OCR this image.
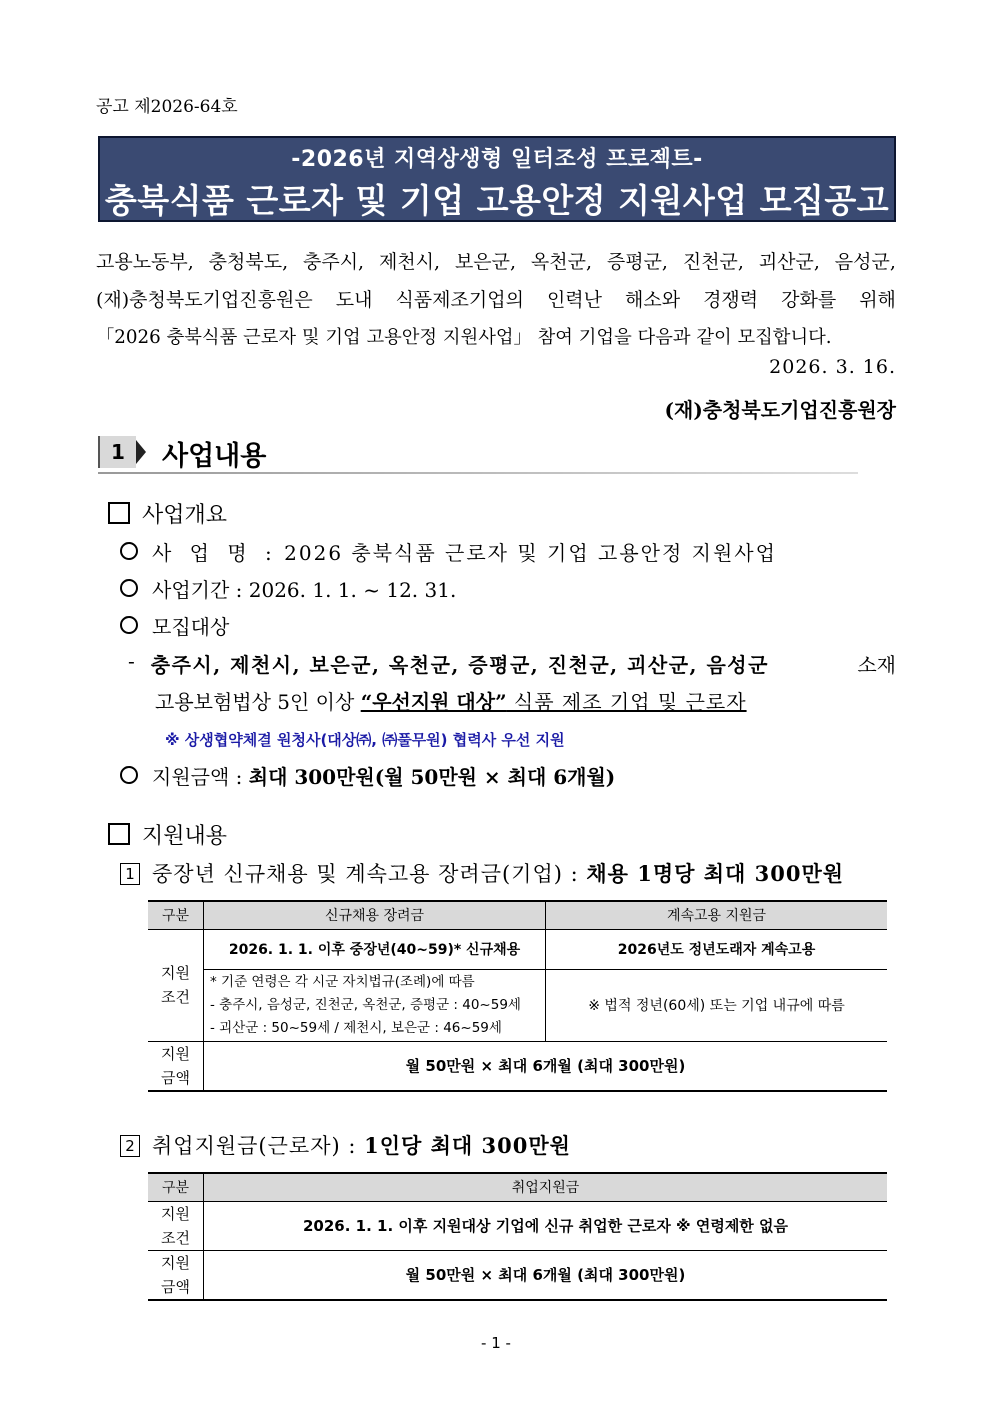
공고 제2026-64호
-2026년 지역상생형 일터조성 프로젝트-
충북식품 근로자 및 기업 고용안정 지원사업 모집공고
고용노동부, 충청북도, 충주시, 제천시, 보은군, 옥천군, 증평군, 진천군, 괴산군, 음성군,
(재)충청북도기업진흥원은 도내 식품제조기업의 인력난 해소와 경쟁력 강화를 위해
「2026 충북식품 근로자 및 기업 고용안정 지원사업」 참여 기업을 다음과 같이 모집합니다.
2026. 3. 16.
(재)충청북도기업진흥원장
1	사업내용
사업개요
사 업 명 : 2026 충북식품 근로자 및 기업 고용안정 지원사업
사업기간 : 2026. 1. 1. ~ 12. 31.
모집대상
- 충주시, 제천시, 보은군, 옥천군, 증평군, 진천군, 괴산군, 음성군	소재
고용보험법상 5인 이상 “우선지원 대상” 식품 제조 기업 및 근로자
※ 상생협약체결 원청사(대상㈜, ㈜풀무원) 협력사 우선 지원
지원금액 : 최대 300만원(월 50만원 × 최대 6개월)
지원내용
1 중장년 신규채용 및 계속고용 장려금(기업) : 채용 1명당 최대 300만원
구분	신규채용 장려금	계속고용 지원금
지원
조건	2026. 1. 1. 이후 중장년(40~59)* 신규채용	2026년도 정년도래자 계속고용

	* 기준 연령은 각 시군 자치법규(조례)에 따름
- 충주시, 음성군, 진천군, 옥천군, 증평군 : 40~59세
- 괴산군 : 50~59세 / 제천시, 보은군 : 46~59세	※ 법적 정년(60세) 또는 기업 내규에 따름
지원
금액	월 50만원 × 최대 6개월 (최대 300만원)	
2 취업지원금(근로자) : 1인당 최대 300만원
구분	취업지원금
지원
조건	2026. 1. 1. 이후 지원대상 기업에 신규 취업한 근로자 ※ 연령제한 없음
지원
금액	월 50만원 × 최대 6개월 (최대 300만원)
- 1 -
